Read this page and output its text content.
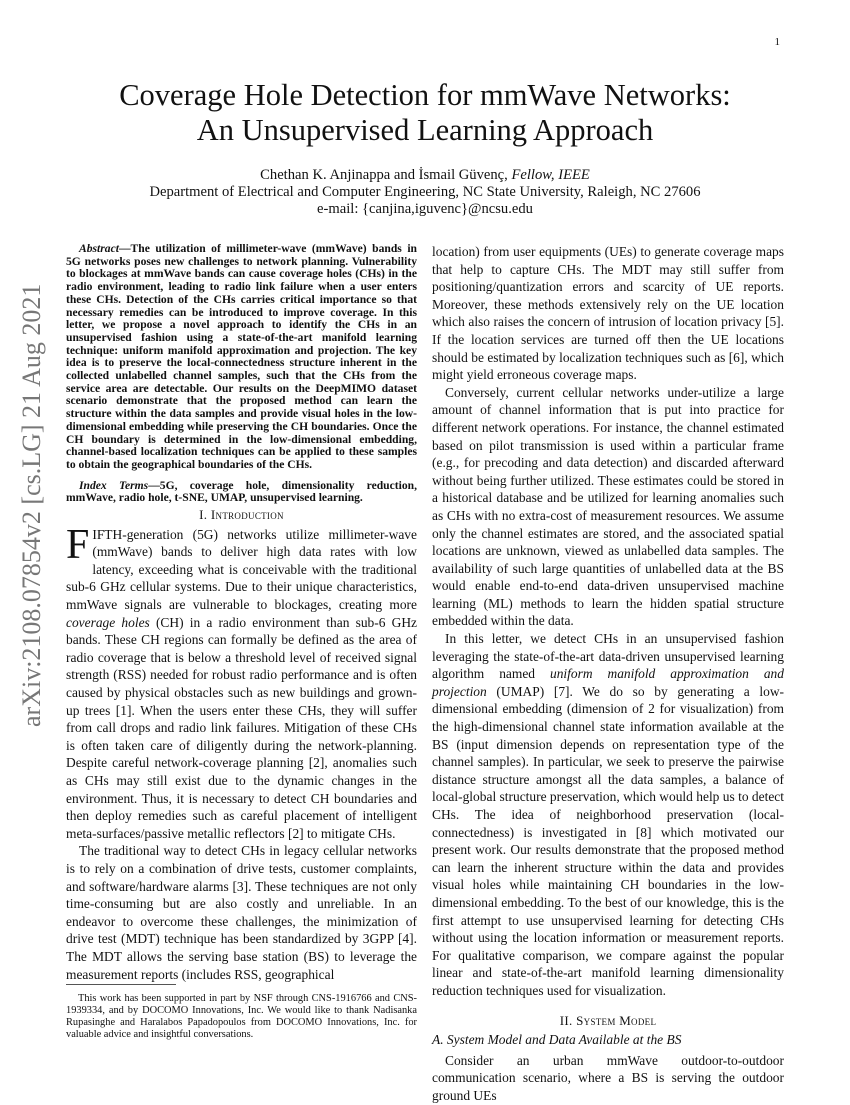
1
arXiv:2108.07854v2 [cs.LG] 21 Aug 2021
Coverage Hole Detection for mmWave Networks:
An Unsupervised Learning Approach
Chethan K. Anjinappa and İsmail Güvenç, Fellow, IEEE
Department of Electrical and Computer Engineering, NC State University, Raleigh, NC 27606
e-mail: {canjina,iguvenc}@ncsu.edu

Abstract—The utilization of millimeter-wave (mmWave) bands in 5G networks poses new challenges to network planning. Vulnerability to blockages at mmWave bands can cause coverage holes (CHs) in the radio environment, leading to radio link failure when a user enters these CHs. Detection of the CHs carries critical importance so that necessary remedies can be introduced to improve coverage. In this letter, we propose a novel approach to identify the CHs in an unsupervised fashion using a state-of-the-art manifold learning technique: uniform manifold approximation and projection. The key idea is to preserve the local-connectedness structure inherent in the collected unlabelled channel samples, such that the CHs from the service area are detectable. Our results on the DeepMIMO dataset scenario demonstrate that the proposed method can learn the structure within the data samples and provide visual holes in the low-dimensional embedding while preserving the CH boundaries. Once the CH boundary is determined in the low-dimensional embedding, channel-based localization techniques can be applied to these samples to obtain the geographical boundaries of the CHs.

Index Terms—5G, coverage hole, dimensionality reduction, mmWave, radio hole, t-SNE, UMAP, unsupervised learning.

I. Introduction

FIFTH-generation (5G) networks utilize millimeter-wave (mmWave) bands to deliver high data rates with low latency, exceeding what is conceivable with the traditional sub-6 GHz cellular systems. Due to their unique characteristics, mmWave signals are vulnerable to blockages, creating more coverage holes (CH) in a radio environment than sub-6 GHz bands. These CH regions can formally be defined as the area of radio coverage that is below a threshold level of received signal strength (RSS) needed for robust radio performance and is often caused by physical obstacles such as new buildings and grown-up trees [1]. When the users enter these CHs, they will suffer from call drops and radio link failures. Mitigation of these CHs is often taken care of diligently during the network-planning. Despite careful network-coverage planning [2], anomalies such as CHs may still exist due to the dynamic changes in the environment. Thus, it is necessary to detect CH boundaries and then deploy remedies such as careful placement of intelligent meta-surfaces/passive metallic reflectors [2] to mitigate CHs.

The traditional way to detect CHs in legacy cellular networks is to rely on a combination of drive tests, customer complaints, and software/hardware alarms [3]. These techniques are not only time-consuming but are also costly and unreliable. In an endeavor to overcome these challenges, the minimization of drive test (MDT) technique has been standardized by 3GPP [4]. The MDT allows the serving base station (BS) to leverage the measurement reports (includes RSS, geographical

This work has been supported in part by NSF through CNS-1916766 and CNS-1939334, and by DOCOMO Innovations, Inc. We would like to thank Nadisanka Rupasinghe and Haralabos Papadopoulos from DOCOMO Innovations, Inc. for valuable advice and insightful conversations.

location) from user equipments (UEs) to generate coverage maps that help to capture CHs. The MDT may still suffer from positioning/quantization errors and scarcity of UE reports. Moreover, these methods extensively rely on the UE location which also raises the concern of intrusion of location privacy [5]. If the location services are turned off then the UE locations should be estimated by localization techniques such as [6], which might yield erroneous coverage maps.

Conversely, current cellular networks under-utilize a large amount of channel information that is put into practice for different network operations. For instance, the channel estimated based on pilot transmission is used within a particular frame (e.g., for precoding and data detection) and discarded afterward without being further utilized. These estimates could be stored in a historical database and be utilized for learning anomalies such as CHs with no extra-cost of measurement resources. We assume only the channel estimates are stored, and the associated spatial locations are unknown, viewed as unlabelled data samples. The availability of such large quantities of unlabelled data at the BS would enable end-to-end data-driven unsupervised machine learning (ML) methods to learn the hidden spatial structure embedded within the data.

In this letter, we detect CHs in an unsupervised fashion leveraging the state-of-the-art data-driven unsupervised learning algorithm named uniform manifold approximation and projection (UMAP) [7]. We do so by generating a low-dimensional embedding (dimension of 2 for visualization) from the high-dimensional channel state information available at the BS (input dimension depends on representation type of the channel samples). In particular, we seek to preserve the pairwise distance structure amongst all the data samples, a balance of local-global structure preservation, which would help us to detect CHs. The idea of neighborhood preservation (local-connectedness) is investigated in [8] which motivated our present work. Our results demonstrate that the proposed method can learn the inherent structure within the data and provides visual holes while maintaining CH boundaries in the low-dimensional embedding. To the best of our knowledge, this is the first attempt to use unsupervised learning for detecting CHs without using the location information or measurement reports. For qualitative comparison, we compare against the popular linear and state-of-the-art manifold learning dimensionality reduction techniques used for visualization.

II. System Model
A. System Model and Data Available at the BS

Consider an urban mmWave outdoor-to-outdoor communication scenario, where a BS is serving the outdoor ground UEs
